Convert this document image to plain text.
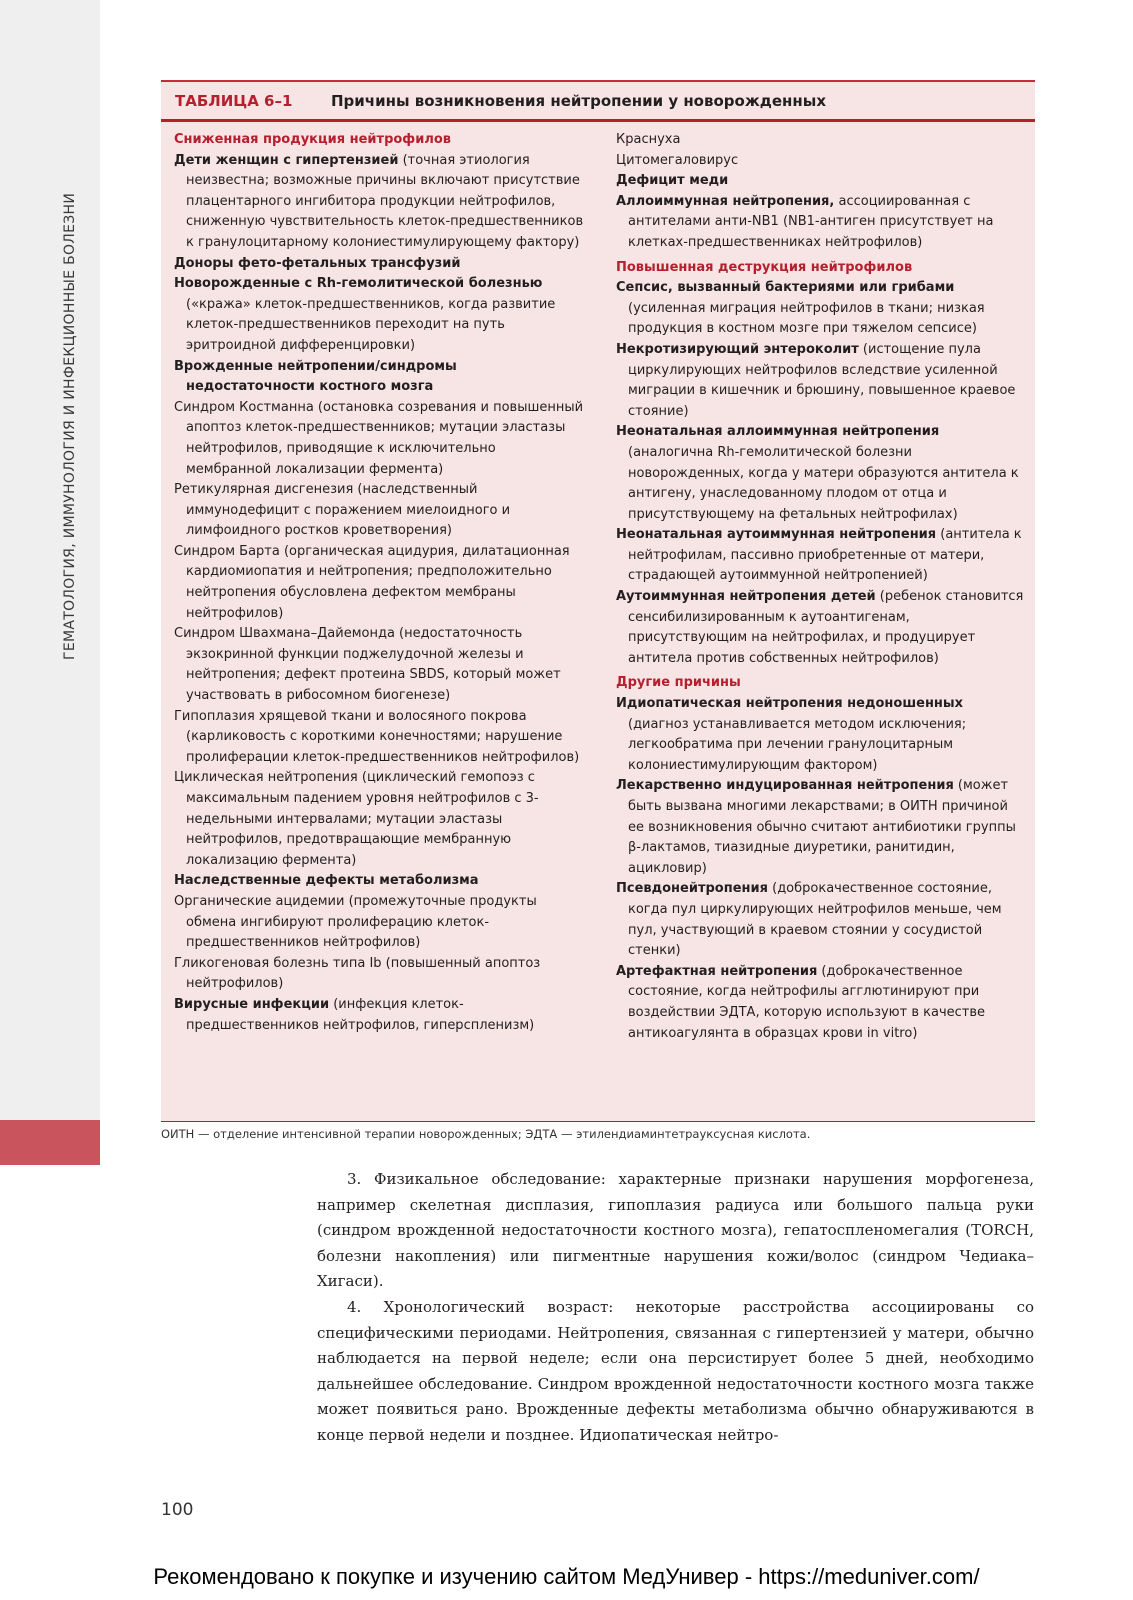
ГЕМАТОЛОГИЯ, ИММУНОЛОГИЯ И ИНФЕКЦИОННЫЕ БОЛЕЗНИ
ТАБЛИЦА 6–1	Причины возникновения нейтропении у новорожденных
Сниженная продукция нейтрофилов
Дети женщин с гипертензией (точная этиология неизвестна; возможные причины включают присутствие плацентарного ингибитора продукции нейтрофилов, сниженную чувствительность клеток-предшественников к гранулоцитарному колониестимулирующему фактору)
Доноры фето-фетальных трансфузий
Новорожденные с Rh-гемолитической болезнью («кража» клеток-предшественников, когда развитие клеток-предшественников переходит на путь эритроидной дифференцировки)
Врожденные нейтропении/синдромы недостаточности костного мозга
Синдром Костманна (остановка созревания и повышенный апоптоз клеток-предшественников; мутации эластазы нейтрофилов, приводящие к исключительно мембранной локализации фермента)
Ретикулярная дисгенезия (наследственный иммунодефицит с поражением миелоидного и лимфоидного ростков кроветворения)
Синдром Барта (органическая ацидурия, дилатационная кардиомиопатия и нейтропения; предположительно нейтропения обусловлена дефектом мембраны нейтрофилов)
Синдром Швахмана–Дайемонда (недостаточность экзокринной функции поджелудочной железы и нейтропения; дефект протеина SBDS, который может участвовать в рибосомном биогенезе)
Гипоплазия хрящевой ткани и волосяного покрова (карликовость с короткими конечностями; нарушение пролиферации клеток-предшественников нейтрофилов)
Циклическая нейтропения (циклический гемопоэз с максимальным падением уровня нейтрофилов с 3-недельными интервалами; мутации эластазы нейтрофилов, предотвращающие мембранную локализацию фермента)
Наследственные дефекты метаболизма
Органические ацидемии (промежуточные продукты обмена ингибируют пролиферацию клеток-предшественников нейтрофилов)
Гликогеновая болезнь типа Ib (повышенный апоптоз нейтрофилов)
Вирусные инфекции (инфекция клеток-предшественников нейтрофилов, гиперспленизм)
Краснуха
Цитомегаловирус
Дефицит меди
Аллоиммунная нейтропения, ассоциированная с антителами анти-NB1 (NB1-антиген присутствует на клетках-предшественниках нейтрофилов)
Повышенная деструкция нейтрофилов
Сепсис, вызванный бактериями или грибами (усиленная миграция нейтрофилов в ткани; низкая продукция в костном мозге при тяжелом сепсисе)
Некротизирующий энтероколит (истощение пула циркулирующих нейтрофилов вследствие усиленной миграции в кишечник и брюшину, повышенное краевое стояние)
Неонатальная аллоиммунная нейтропения (аналогична Rh-гемолитической болезни новорожденных, когда у матери образуются антитела к антигену, унаследованному плодом от отца и присутствующему на фетальных нейтрофилах)
Неонатальная аутоиммунная нейтропения (антитела к нейтрофилам, пассивно приобретенные от матери, страдающей аутоиммунной нейтропенией)
Аутоиммунная нейтропения детей (ребенок становится сенсибилизированным к аутоантигенам, присутствующим на нейтрофилах, и продуцирует антитела против собственных нейтрофилов)
Другие причины
Идиопатическая нейтропения недоношенных (диагноз устанавливается методом исключения; легкообратима при лечении гранулоцитарным колониестимулирующим фактором)
Лекарственно индуцированная нейтропения (может быть вызвана многими лекарствами; в ОИТН причиной ее возникновения обычно считают антибиотики группы β-лактамов, тиазидные диуретики, ранитидин, ацикловир)
Псевдонейтропения (доброкачественное состояние, когда пул циркулирующих нейтрофилов меньше, чем пул, участвующий в краевом стоянии у сосудистой стенки)
Артефактная нейтропения (доброкачественное состояние, когда нейтрофилы агглютинируют при воздействии ЭДТА, которую используют в качестве антикоагулянта в образцах крови in vitro)
ОИТН — отделение интенсивной терапии новорожденных; ЭДТА — этилендиаминтетрауксусная кислота.

3. Физикальное обследование: характерные признаки нарушения морфогенеза, например скелетная дисплазия, гипоплазия радиуса или большого пальца руки (синдром врожденной недостаточности костного мозга), гепатоспленомегалия (TORCH, болезни накопления) или пигментные нарушения кожи/волос (синдром Чедиака–Хигаси).

4. Хронологический возраст: некоторые расстройства ассоциированы со специфическими периодами. Нейтропения, связанная с гипертензией у матери, обычно наблюдается на первой неделе; если она персистирует более 5 дней, необходимо дальнейшее обследование. Синдром врожденной недостаточности костного мозга также может появиться рано. Врожденные дефекты метаболизма обычно обнаруживаются в конце первой недели и позднее. Идиопатическая нейтро-

100
Рекомендовано к покупке и изучению сайтом МедУнивер - https://meduniver.com/
